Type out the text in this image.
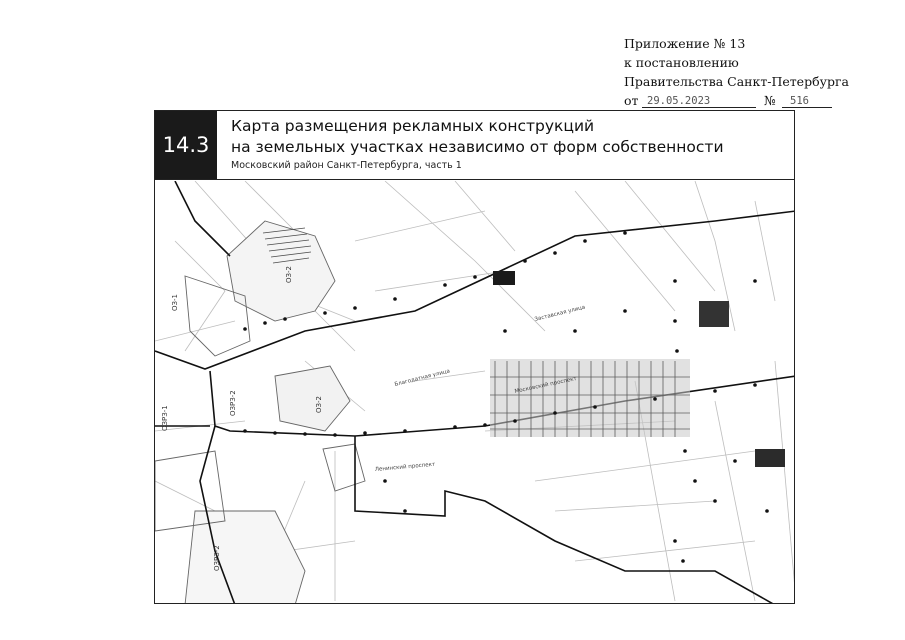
Приложение № 13
к постановлению
Правительства Санкт-Петербурга
от 29.05.2023	№ 516
14.3
Карта размещения рекламных конструкций
на земельных участках независимо от форм собственности
Московский район Санкт-Петербурга, часть 1
ОЗ-2
ОЗ-1
ОЗРЗ-2	ОЗ-2
ОЗРЗ-1
ОЗРЗ-2
Заставская улица
Московский проспект
Благодатная улица
Ленинский проспект
